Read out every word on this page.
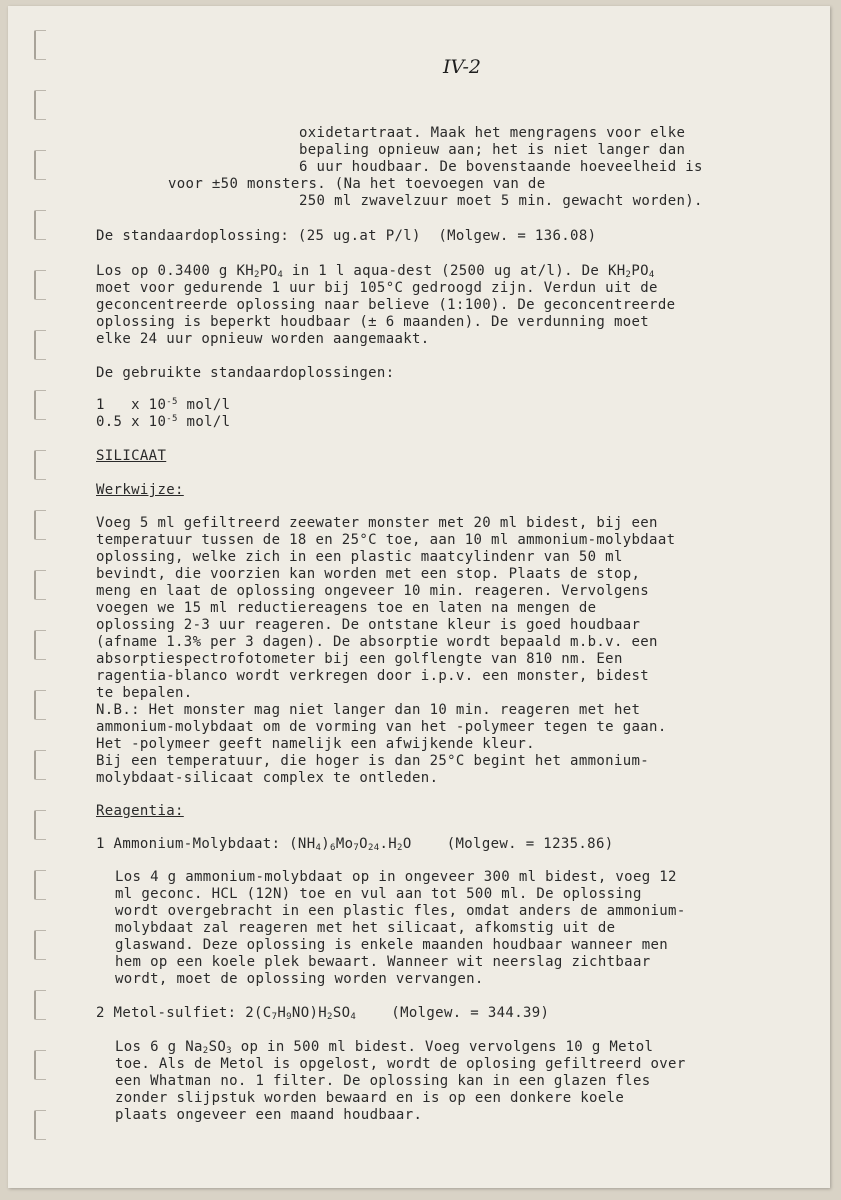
IV-2
oxidetartraat. Maak het mengragens voor elke
bepaling opnieuw aan; het is niet langer dan
6 uur houdbaar. De bovenstaande hoeveelheid is
voor ±50 monsters. (Na het toevoegen van de
250 ml zwavelzuur moet 5 min. gewacht worden).
De standaardoplossing: (25 ug.at P/l)  (Molgew. = 136.08)
Los op 0.3400 g $KH_2PO_4$ in 1 l aqua-dest (2500 ug at/l). De $KH_2PO_4$
moet voor gedurende 1 uur bij 105°C gedroogd zijn. Verdun uit de
geconcentreerde oplossing naar believe (1:100). De geconcentreerde
oplossing is beperkt houdbaar (± 6 maanden). De verdunning moet
elke 24 uur opnieuw worden aangemaakt.
De gebruikte standaardoplossingen:
1   x $10^{-5}$ mol/l
0.5 x $10^{-5}$ mol/l
SILICAAT
Werkwijze:
Voeg 5 ml gefiltreerd zeewater monster met 20 ml bidest, bij een
temperatuur tussen de 18 en 25°C toe, aan 10 ml ammonium-molybdaat
oplossing, welke zich in een plastic maatcylindenr van 50 ml
bevindt, die voorzien kan worden met een stop. Plaats de stop,
meng en laat de oplossing ongeveer 10 min. reageren. Vervolgens
voegen we 15 ml reductiereagens toe en laten na mengen de
oplossing 2-3 uur reageren. De ontstane kleur is goed houdbaar
(afname 1.3% per 3 dagen). De absorptie wordt bepaald m.b.v. een
absorptiespectrofotometer bij een golflengte van 810 nm. Een
ragentia-blanco wordt verkregen door i.p.v. een monster, bidest
te bepalen.
N.B.: Het monster mag niet langer dan 10 min. reageren met het
ammonium-molybdaat om de vorming van het -polymeer tegen te gaan.
Het -polymeer geeft namelijk een afwijkende kleur.
Bij een temperatuur, die hoger is dan 25°C begint het ammonium-
molybdaat-silicaat complex te ontleden.
Reagentia:
1 Ammonium-Molybdaat: $(NH_4)_6Mo_7O_{24}.H_2O$    (Molgew. = 1235.86)
Los 4 g ammonium-molybdaat op in ongeveer 300 ml bidest, voeg 12
ml geconc. HCL (12N) toe en vul aan tot 500 ml. De oplossing
wordt overgebracht in een plastic fles, omdat anders de ammonium-
molybdaat zal reageren met het silicaat, afkomstig uit de
glaswand. Deze oplossing is enkele maanden houdbaar wanneer men
hem op een koele plek bewaart. Wanneer wit neerslag zichtbaar
wordt, moet de oplossing worden vervangen.
2 Metol-sulfiet: $2(C_7H_9NO)H_2SO_4$    (Molgew. = 344.39)
Los 6 g $Na_2SO_3$ op in 500 ml bidest. Voeg vervolgens 10 g Metol
toe. Als de Metol is opgelost, wordt de oplosing gefiltreerd over
een Whatman no. 1 filter. De oplossing kan in een glazen fles
zonder slijpstuk worden bewaard en is op een donkere koele
plaats ongeveer een maand houdbaar.
